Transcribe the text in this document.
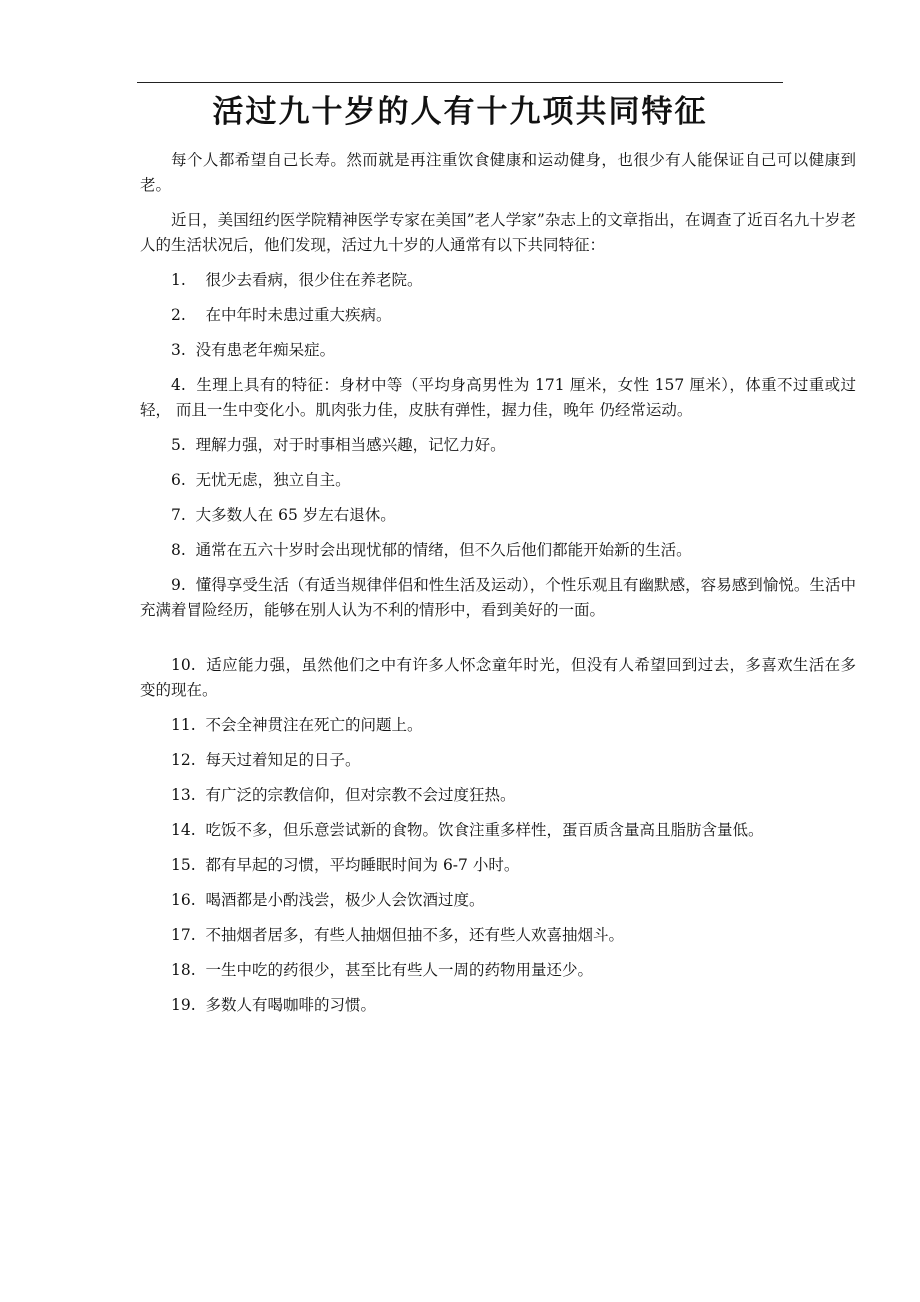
活过九十岁的人有十九项共同特征

每个人都希望自己长寿。然而就是再注重饮食健康和运动健身，也很少有人能保证自己可以健康到老。

近日，美国纽约医学院精神医学专家在美国”老人学家”杂志上的文章指出，在调查了近百名九十岁老人的生活状况后，他们发现，活过九十岁的人通常有以下共同特征：

1. 很少去看病，很少住在养老院。

2. 在中年时未患过重大疾病。

3. 没有患老年痴呆症。

4. 生理上具有的特征：身材中等（平均身高男性为 171 厘米，女性 157 厘米），体重不过重或过轻， 而且一生中变化小。肌肉张力佳，皮肤有弹性，握力佳，晚年 仍经常运动。

5. 理解力强，对于时事相当感兴趣，记忆力好。

6. 无忧无虑，独立自主。

7. 大多数人在 65 岁左右退休。

8. 通常在五六十岁时会出现忧郁的情绪，但不久后他们都能开始新的生活。

9. 懂得享受生活（有适当规律伴侣和性生活及运动），个性乐观且有幽默感，容易感到愉悦。生活中充满着冒险经历，能够在别人认为不利的情形中，看到美好的一面。

10. 适应能力强，虽然他们之中有许多人怀念童年时光，但没有人希望回到过去，多喜欢生活在多变的现在。

11. 不会全神贯注在死亡的问题上。

12. 每天过着知足的日子。

13. 有广泛的宗教信仰，但对宗教不会过度狂热。

14. 吃饭不多，但乐意尝试新的食物。饮食注重多样性，蛋百质含量高且脂肪含量低。

15. 都有早起的习惯，平均睡眠时间为 6-7 小时。

16. 喝酒都是小酌浅尝，极少人会饮酒过度。

17. 不抽烟者居多，有些人抽烟但抽不多，还有些人欢喜抽烟斗。

18. 一生中吃的药很少，甚至比有些人一周的药物用量还少。

19. 多数人有喝咖啡的习惯。
